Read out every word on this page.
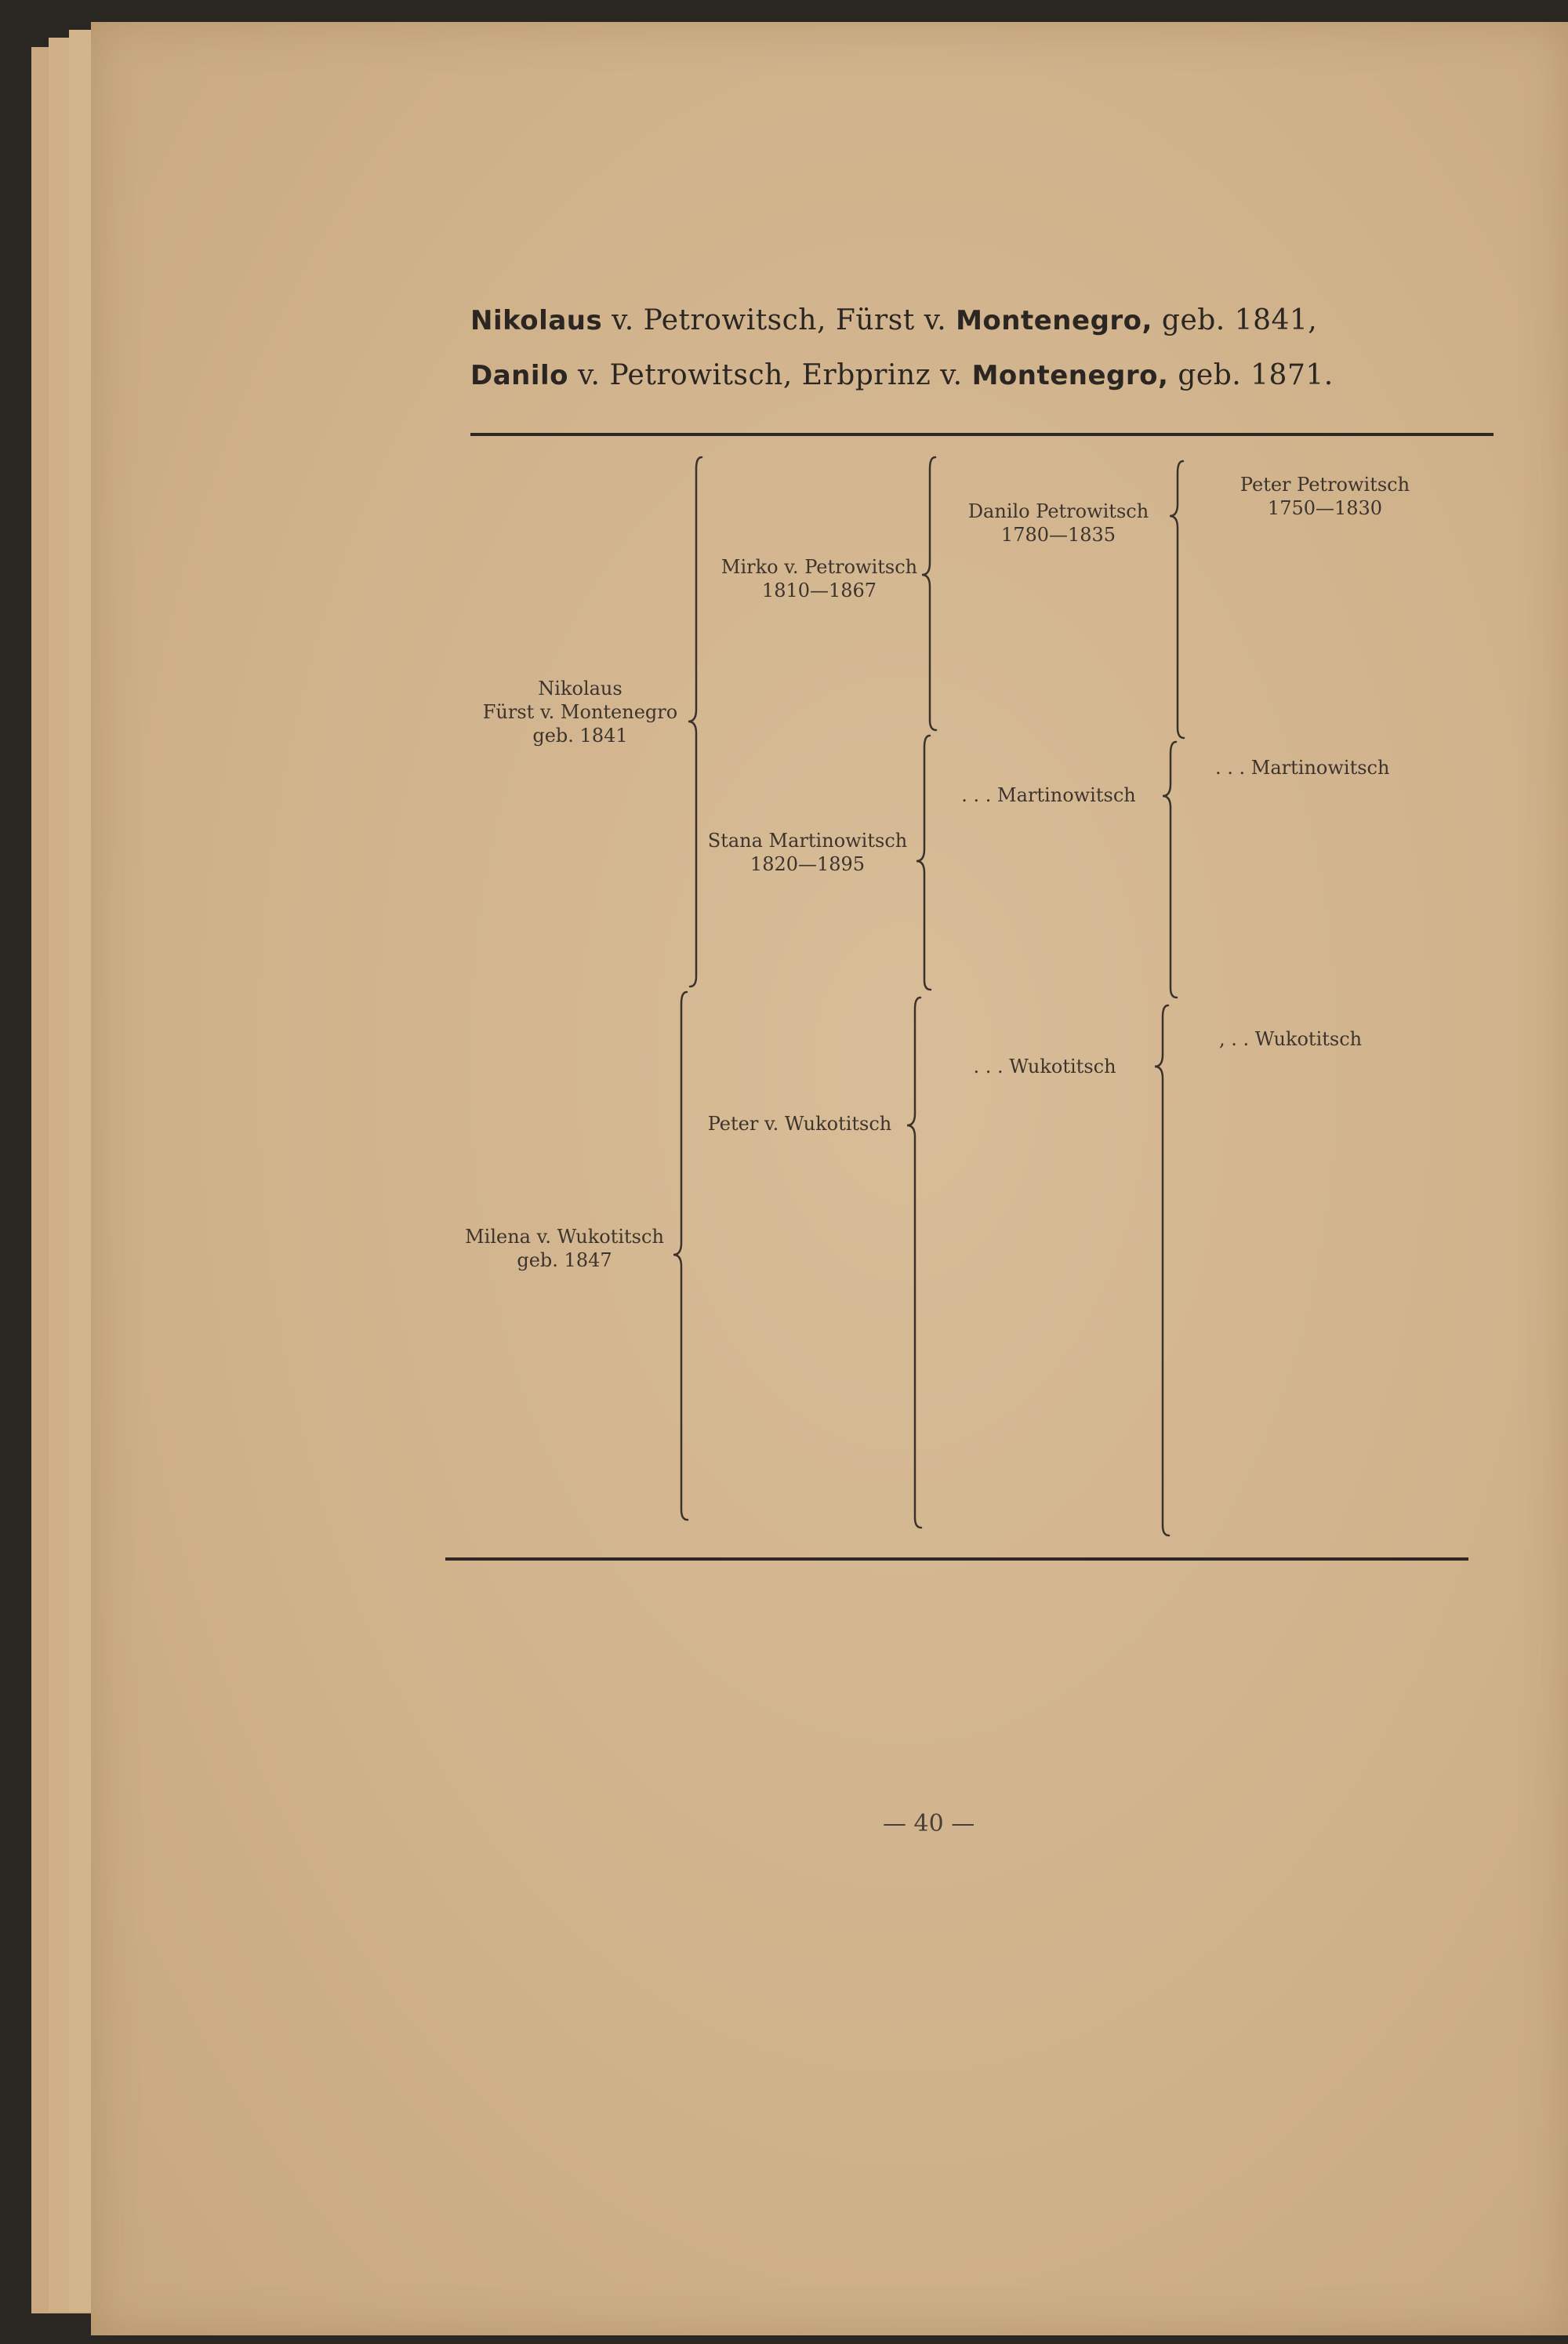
Nikolaus v. Petrowitsch, Fürst v. Montenegro, geb. 1841,
Danilo v. Petrowitsch, Erbprinz v. Montenegro, geb. 1871.
Nikolaus
Fürst v. Montenegro
geb. 1841
Milena v. Wukotitsch
geb. 1847
Mirko v. Petrowitsch
1810—1867
Stana Martinowitsch
1820—1895
Peter v. Wukotitsch
Danilo Petrowitsch
1780—1835
. . . Martinowitsch
. . . Wukotitsch
Peter Petrowitsch
1750—1830
. . . Martinowitsch
, . . Wukotitsch
— 40 —
